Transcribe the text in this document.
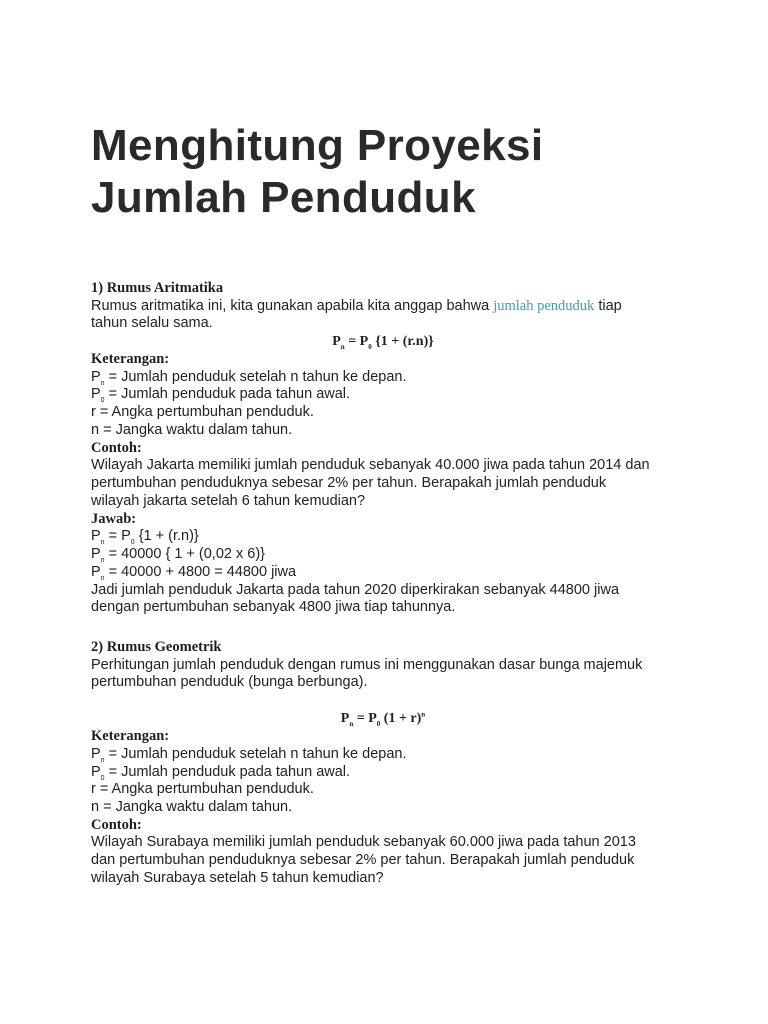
Menghitung Proyeksi Jumlah Penduduk
1) Rumus Aritmatika
Rumus aritmatika ini, kita gunakan apabila kita anggap bahwa jumlah penduduk tiap
tahun selalu sama.
$P_n = P_0$ {1 + (r.n)}
Keterangan:
$P_n$ = Jumlah penduduk setelah n tahun ke depan.
$P_0$ = Jumlah penduduk pada tahun awal.
r = Angka pertumbuhan penduduk.
n = Jangka waktu dalam tahun.
Contoh:
Wilayah Jakarta memiliki jumlah penduduk sebanyak 40.000 jiwa pada tahun 2014 dan
pertumbuhan penduduknya sebesar 2% per tahun. Berapakah jumlah penduduk
wilayah jakarta setelah 6 tahun kemudian?
Jawab:
$P_n = P_0$ {1 + (r.n)}
$P_n = 40000$ { 1 + (0,02 x 6)}
$P_n = 40000 + 4800 = 44800$ jiwa
Jadi jumlah penduduk Jakarta pada tahun 2020 diperkirakan sebanyak 44800 jiwa
dengan pertumbuhan sebanyak 4800 jiwa tiap tahunnya.
2) Rumus Geometrik
Perhitungan jumlah penduduk dengan rumus ini menggunakan dasar bunga majemuk
pertumbuhan penduduk (bunga berbunga).
$P_n = P_0$ $(1 + r)^n$
Keterangan:
$P_n$ = Jumlah penduduk setelah n tahun ke depan.
$P_0$ = Jumlah penduduk pada tahun awal.
r = Angka pertumbuhan penduduk.
n = Jangka waktu dalam tahun.
Contoh:
Wilayah Surabaya memiliki jumlah penduduk sebanyak 60.000 jiwa pada tahun 2013
dan pertumbuhan penduduknya sebesar 2% per tahun. Berapakah jumlah penduduk
wilayah Surabaya setelah 5 tahun kemudian?
